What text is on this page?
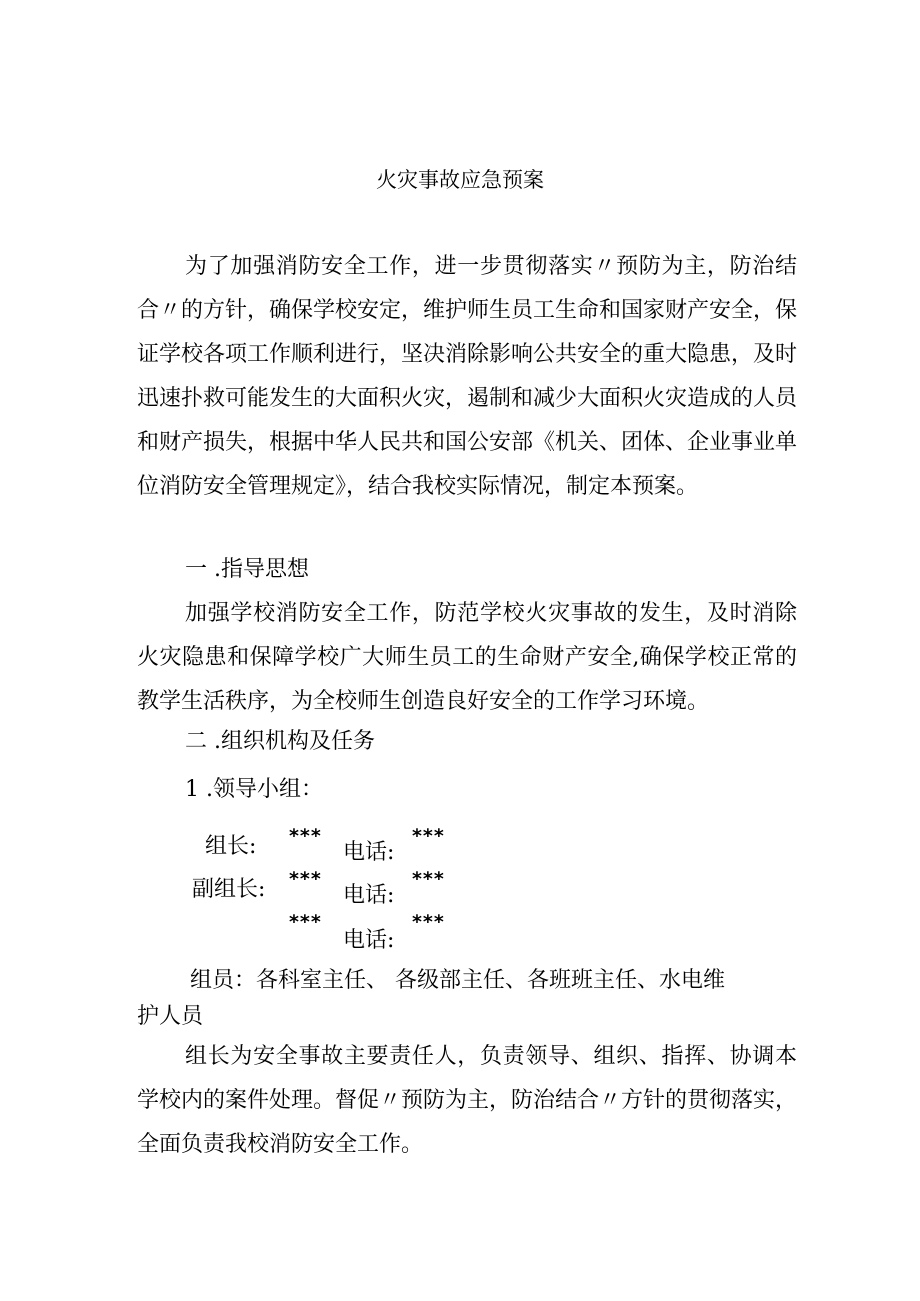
火灾事故应急预案

为了加强消防安全工作，进一步贯彻落实〃预防为主，防治结合〃的方针，确保学校安定，维护师生员工生命和国家财产安全，保证学校各项工作顺利进行，坚决消除影响公共安全的重大隐患，及时迅速扑救可能发生的大面积火灾，遏制和减少大面积火灾造成的人员和财产损失，根据中华人民共和国公安部《机关、团体、企业事业单位消防安全管理规定》，结合我校实际情况，制定本预案。

一 .指导思想

加强学校消防安全工作，防范学校火灾事故的发生，及时消除火灾隐患和保障学校广大师生员工的生命财产安全,确保学校正常的教学生活秩序，为全校师生创造良好安全的工作学习环境。

二 .组织机构及任务
1 .领导小组：
组长: ***
电话:
***
副组长: ***
电话:
***
***
电话:
***
组员：各科室主任、 各级部主任、各班班主任、水电维
护人员

组长为安全事故主要责任人，负责领导、组织、指挥、协调本学校内的案件处理。督促〃预防为主，防治结合〃方针的贯彻落实，全面负责我校消防安全工作。
